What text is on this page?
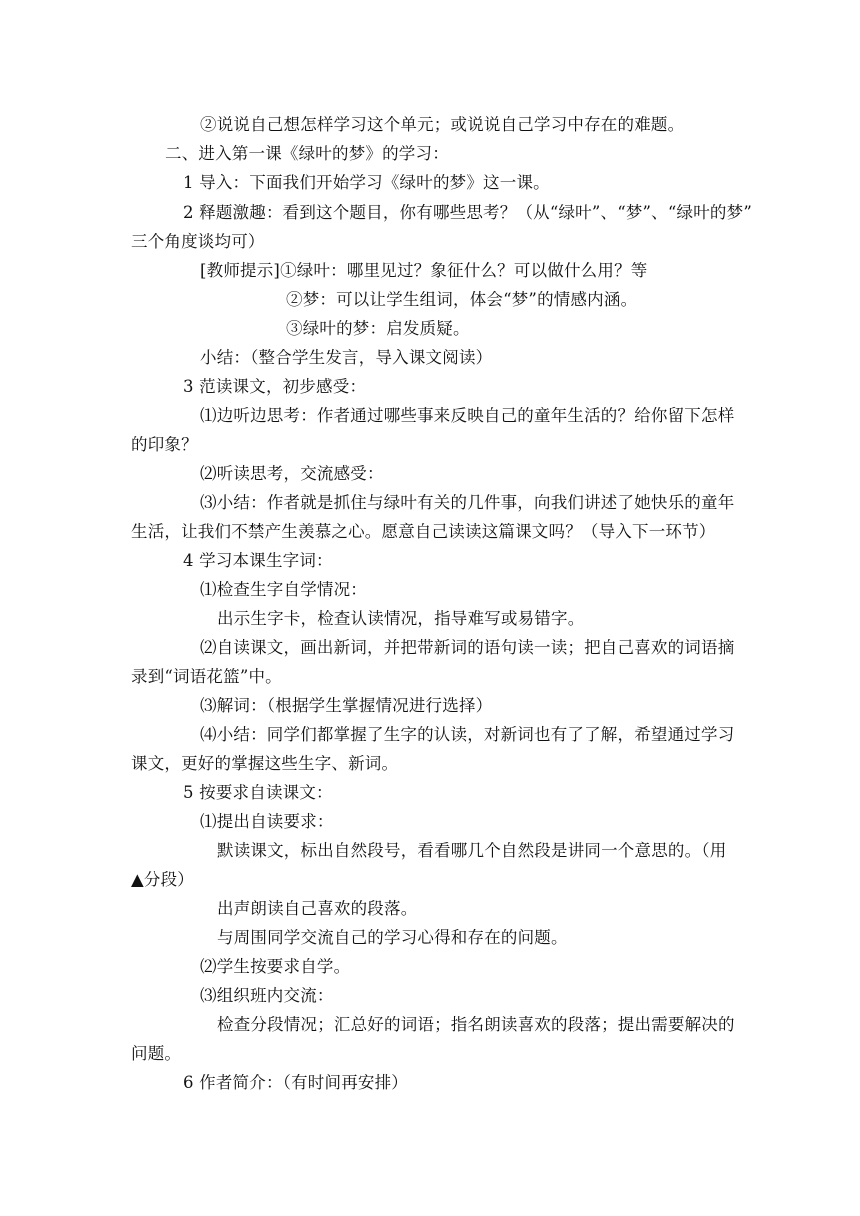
②说说自己想怎样学习这个单元；或说说自己学习中存在的难题。
二、进入第一课《绿叶的梦》的学习：
1 导入：下面我们开始学习《绿叶的梦》这一课。
2 释题激趣：看到这个题目，你有哪些思考？（从“绿叶”、“梦”、“绿叶的梦”
三个角度谈均可）
[教师提示]①绿叶：哪里见过？象征什么？可以做什么用？等
②梦：可以让学生组词，体会“梦”的情感内涵。
③绿叶的梦：启发质疑。
小结：（整合学生发言，导入课文阅读）
3 范读课文，初步感受：
⑴边听边思考：作者通过哪些事来反映自己的童年生活的？给你留下怎样
的印象？
⑵听读思考，交流感受：
⑶小结：作者就是抓住与绿叶有关的几件事，向我们讲述了她快乐的童年
生活，让我们不禁产生羡慕之心。愿意自己读读这篇课文吗？（导入下一环节）
4 学习本课生字词：
⑴检查生字自学情况：
出示生字卡，检查认读情况，指导难写或易错字。
⑵自读课文，画出新词，并把带新词的语句读一读；把自己喜欢的词语摘
录到“词语花篮”中。
⑶解词：（根据学生掌握情况进行选择）
⑷小结：同学们都掌握了生字的认读，对新词也有了了解，希望通过学习
课文，更好的掌握这些生字、新词。
5 按要求自读课文：
⑴提出自读要求：
默读课文，标出自然段号，看看哪几个自然段是讲同一个意思的。（用
▲分段）
出声朗读自己喜欢的段落。
与周围同学交流自己的学习心得和存在的问题。
⑵学生按要求自学。
⑶组织班内交流：
检查分段情况；汇总好的词语；指名朗读喜欢的段落；提出需要解决的
问题。
6 作者简介：（有时间再安排）
